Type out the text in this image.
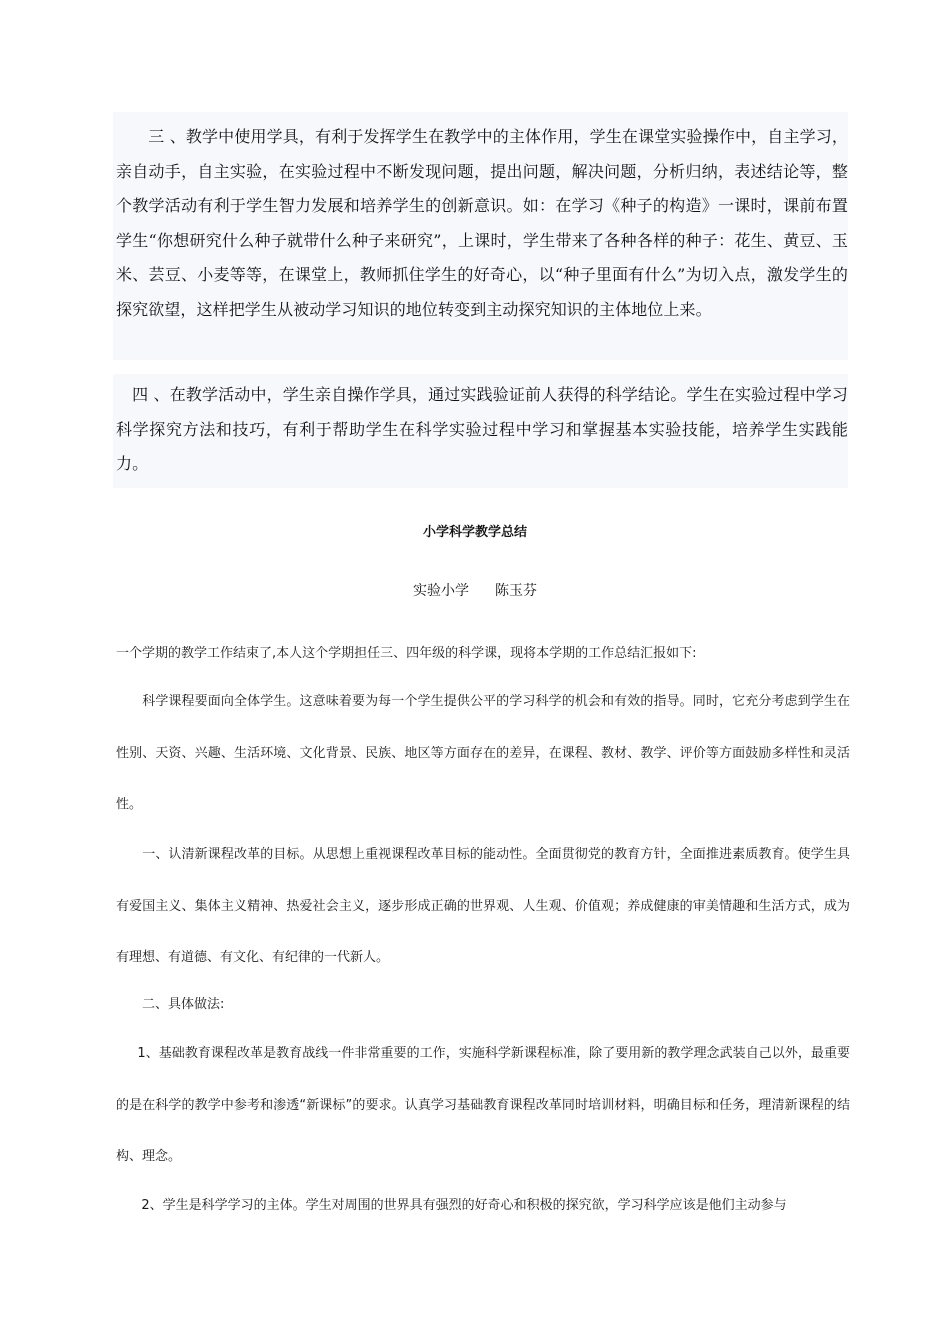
　　三 、教学中使用学具，有利于发挥学生在教学中的主体作用，学生在课堂实验操作中，自主学习，亲自动手，自主实验，在实验过程中不断发现问题，提出问题，解决问题，分析归纳，表述结论等，整个教学活动有利于学生智力发展和培养学生的创新意识。如：在学习《种子的构造》一课时，课前布置学生“你想研究什么种子就带什么种子来研究”，上课时，学生带来了各种各样的种子：花生、黄豆、玉米、芸豆、小麦等等，在课堂上，教师抓住学生的好奇心，以“种子里面有什么”为切入点，激发学生的探究欲望，这样把学生从被动学习知识的地位转变到主动探究知识的主体地位上来。

　四 、在教学活动中，学生亲自操作学具，通过实践验证前人获得的科学结论。学生在实验过程中学习科学探究方法和技巧，有利于帮助学生在科学实验过程中学习和掌握基本实验技能，培养学生实践能力。

小学科学教学总结
实验小学 陈玉芬

一个学期的教学工作结束了,本人这个学期担任三、四年级的科学课，现将本学期的工作总结汇报如下:

　　科学课程要面向全体学生。这意味着要为每一个学生提供公平的学习科学的机会和有效的指导。同时，它充分考虑到学生在性别、天资、兴趣、生活环境、文化背景、民族、地区等方面存在的差异，在课程、教材、教学、评价等方面鼓励多样性和灵活性。

　　一、认清新课程改革的目标。从思想上重视课程改革目标的能动性。全面贯彻党的教育方针，全面推进素质教育。使学生具有爱国主义、集体主义精神、热爱社会主义，逐步形成正确的世界观、人生观、价值观；养成健康的审美情趣和生活方式，成为有理想、有道德、有文化、有纪律的一代新人。

　　二、具体做法:

　  1、基础教育课程改革是教育战线一件非常重要的工作，实施科学新课程标准，除了要用新的教学理念武装自己以外，最重要的是在科学的教学中参考和渗透“新课标”的要求。认真学习基础教育课程改革同时培训材料，明确目标和任务，理清新课程的结构、理念。

　   2、学生是科学学习的主体。学生对周围的世界具有强烈的好奇心和积极的探究欲，学习科学应该是他们主动参与
